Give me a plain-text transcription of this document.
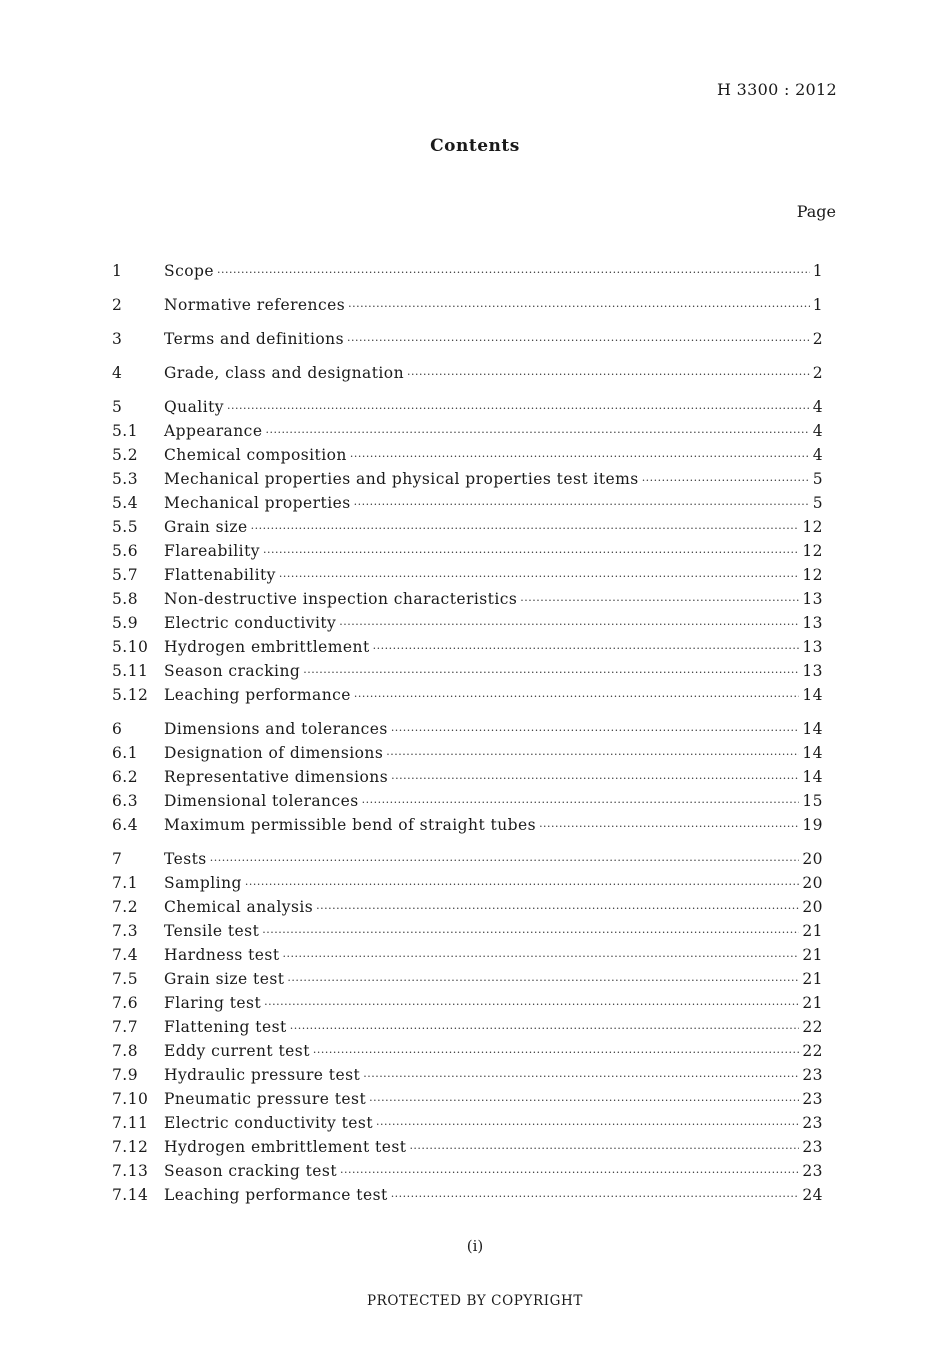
H 3300 : 2012
Contents
Page
1	Scope ·····	1
2	Normative references ·····	1
3	Terms and definitions ·····	2
4	Grade, class and designation ·····	2
5	Quality ·····	4
5.1	Appearance ·····	4
5.2	Chemical composition ·····	4
5.3	Mechanical properties and physical properties test items ·····	5
5.4	Mechanical properties ·····	5
5.5	Grain size ·····	12
5.6	Flareability ·····	12
5.7	Flattenability ·····	12
5.8	Non-destructive inspection characteristics ·····	13
5.9	Electric conductivity ·····	13
5.10	Hydrogen embrittlement ·····	13
5.11	Season cracking ·····	13
5.12	Leaching performance ·····	14
6	Dimensions and tolerances ·····	14
6.1	Designation of dimensions ·····	14
6.2	Representative dimensions ·····	14
6.3	Dimensional tolerances ·····	15
6.4	Maximum permissible bend of straight tubes ·····	19
7	Tests ·····	20
7.1	Sampling ·····	20
7.2	Chemical analysis ·····	20
7.3	Tensile test ·····	21
7.4	Hardness test ·····	21
7.5	Grain size test ·····	21
7.6	Flaring test ·····	21
7.7	Flattening test ·····	22
7.8	Eddy current test ·····	22
7.9	Hydraulic pressure test ·····	23
7.10	Pneumatic pressure test ·····	23
7.11	Electric conductivity test ·····	23
7.12	Hydrogen embrittlement test ·····	23
7.13	Season cracking test ·····	23
7.14	Leaching performance test ·····	24
(i)
PROTECTED BY COPYRIGHT
